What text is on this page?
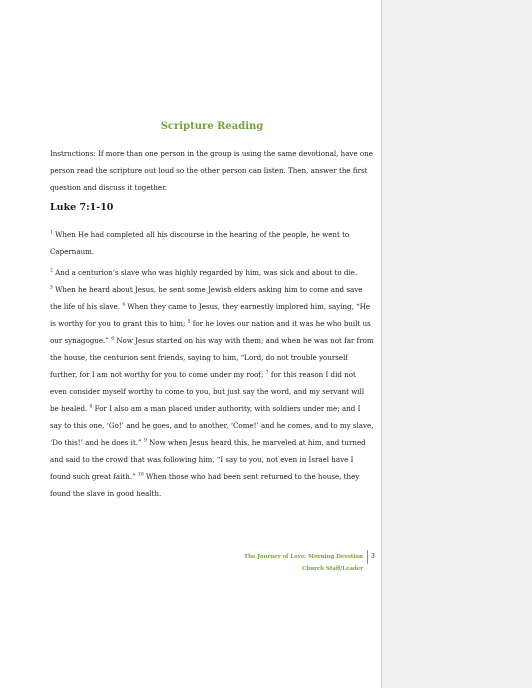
Scripture Reading
Instructions: If more than one person in the group is using the same devotional, have one person read the scripture out loud so the other person can listen. Then, answer the first question and discuss it together.
Luke 7:1-10

$^1$ When He had completed all his discourse in the hearing of the people, he went to Capernaum.

$^2$ And a centurion’s slave who was highly regarded by him, was sick and about to die.
$^3$ When he heard about Jesus, he sent some Jewish elders asking him to come and save the life of his slave. $^4$ When they came to Jesus, they earnestly implored him, saying, “He is worthy for you to grant this to him; $^5$ for he loves our nation and it was he who built us our synagogue.” $^6$ Now Jesus started on his way with them; and when he was not far from the house, the centurion sent friends, saying to him, “Lord, do not trouble yourself further, for I am not worthy for you to come under my roof; $^7$ for this reason I did not even consider myself worthy to come to you, but just say the word, and my servant will be healed. $^8$ For I also am a man placed under authority, with soldiers under me; and I say to this one, ‘Go!’ and he goes, and to another, ‘Come!’ and he comes, and to my slave, ‘Do this!’ and he does it.” $^9$ Now when Jesus heard this, he marveled at him, and turned and said to the crowd that was following him, “I say to you, not even in Israel have I found such great faith.” $^{10}$ When those who had been sent returned to the house, they found the slave in good health.

The Journey of Love: Morning Devotion
Church Staff/Leader
3
